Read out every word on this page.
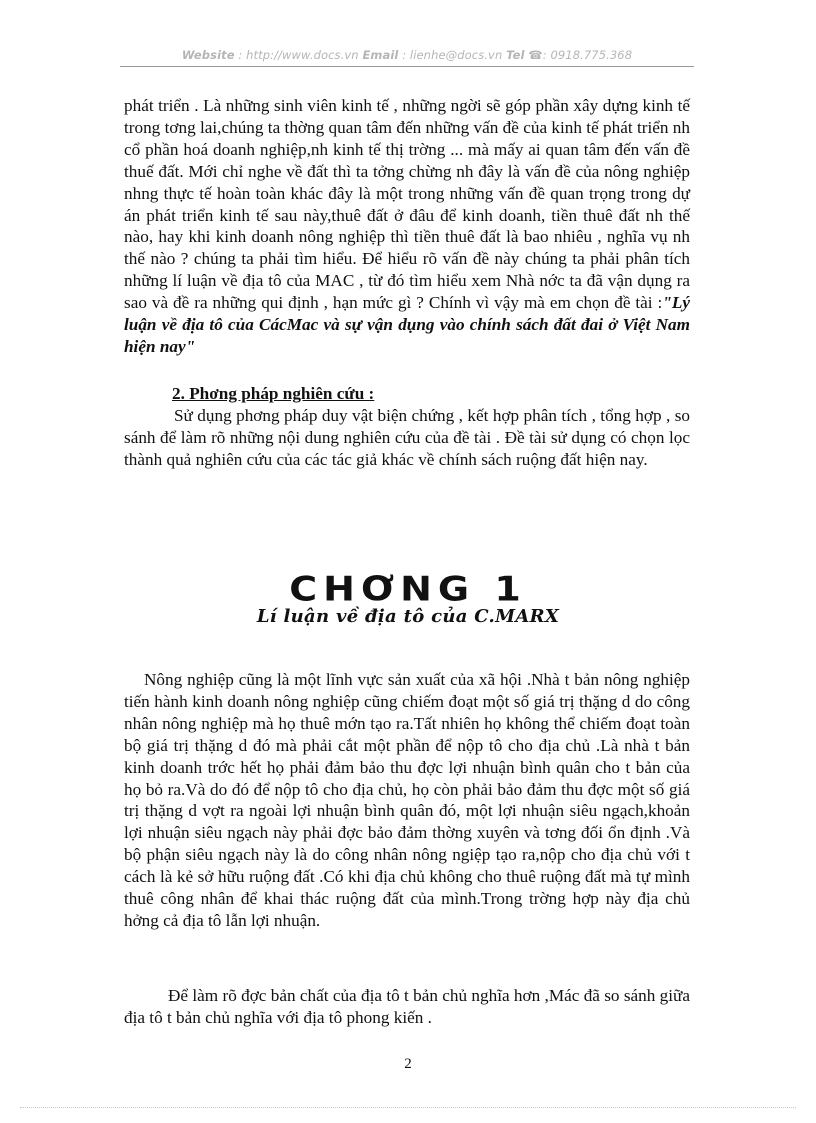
Website : http://www.docs.vn Email : lienhe@docs.vn Tel ☎: 0918.775.368
phát triển . Là những sinh viên kinh tế , những ngời sẽ góp phần xây dựng kinh tế trong tơng lai,chúng ta thờng quan tâm đến những vấn đề của kinh tế phát triển nh cổ phần hoá doanh nghiệp,nh kinh tế thị trờng ... mà mấy ai quan tâm đến vấn đề thuế đất. Mới chỉ nghe về đất thì ta tởng chừng nh đây là vấn đề của nông nghiệp nhng thực tế hoàn toàn khác đây là một trong những vấn đề quan trọng trong dự án phát triển kinh tế sau này,thuê đất ở đâu để kinh doanh, tiền thuê đất nh thế nào, hay khi kinh doanh nông nghiệp thì tiền thuê đất là bao nhiêu , nghĩa vụ nh thế nào ? chúng ta phải tìm hiểu. Để hiểu rõ vấn đề này chúng ta phải phân tích những lí luận về địa tô của MAC , từ đó tìm hiểu xem Nhà nớc ta đã vận dụng ra sao và đề ra những qui định , hạn mức gì ? Chính vì vậy mà em chọn đề tài :"Lý luận về địa tô của CácMac và sự vận dụng vào chính sách đất đai ở Việt Nam hiện nay"
2. Phơng pháp nghiên cứu :
Sử dụng phơng pháp duy vật biện chứng , kết hợp phân tích , tổng hợp , so sánh để làm rõ những nội dung nghiên cứu của đề tài . Đề tài sử dụng có chọn lọc thành quả nghiên cứu của các tác giả khác về chính sách ruộng đất hiện nay.
CHƠNG 1
Lí luận về địa tô của C.MARX
Nông nghiệp cũng là một lĩnh vực sản xuất của xã hội .Nhà t bản nông nghiệp tiến hành kinh doanh nông nghiệp cũng chiếm đoạt một số giá trị thặng d do công nhân nông nghiệp mà họ thuê mớn tạo ra.Tất nhiên họ không thể chiếm đoạt toàn bộ giá trị thặng d đó mà phải cắt một phần để nộp tô cho địa chủ .Là nhà t bản kinh doanh trớc hết họ phải đảm bảo thu đợc lợi nhuận bình quân cho t bản của họ bỏ ra.Và do đó để nộp tô cho địa chủ, họ còn phải bảo đảm thu đợc một số giá trị thặng d vợt ra ngoài lợi nhuận bình quân đó, một lợi nhuận siêu ngạch,khoản lợi nhuận siêu ngạch này phải đợc bảo đảm thờng xuyên và tơng đối ổn định .Và bộ phận siêu ngạch này là do công nhân nông ngiệp tạo ra,nộp cho địa chủ với t cách là kẻ sở hữu ruộng đất .Có khi địa chủ không cho thuê ruộng đất mà tự mình thuê công nhân để khai thác ruộng đất của mình.Trong trờng hợp này địa chủ hởng cả địa tô lẫn lợi nhuận.
Để làm rõ đợc bản chất của địa tô t bản chủ nghĩa hơn ,Mác đã so sánh giữa địa tô t bản chủ nghĩa với địa tô phong kiến .
2
